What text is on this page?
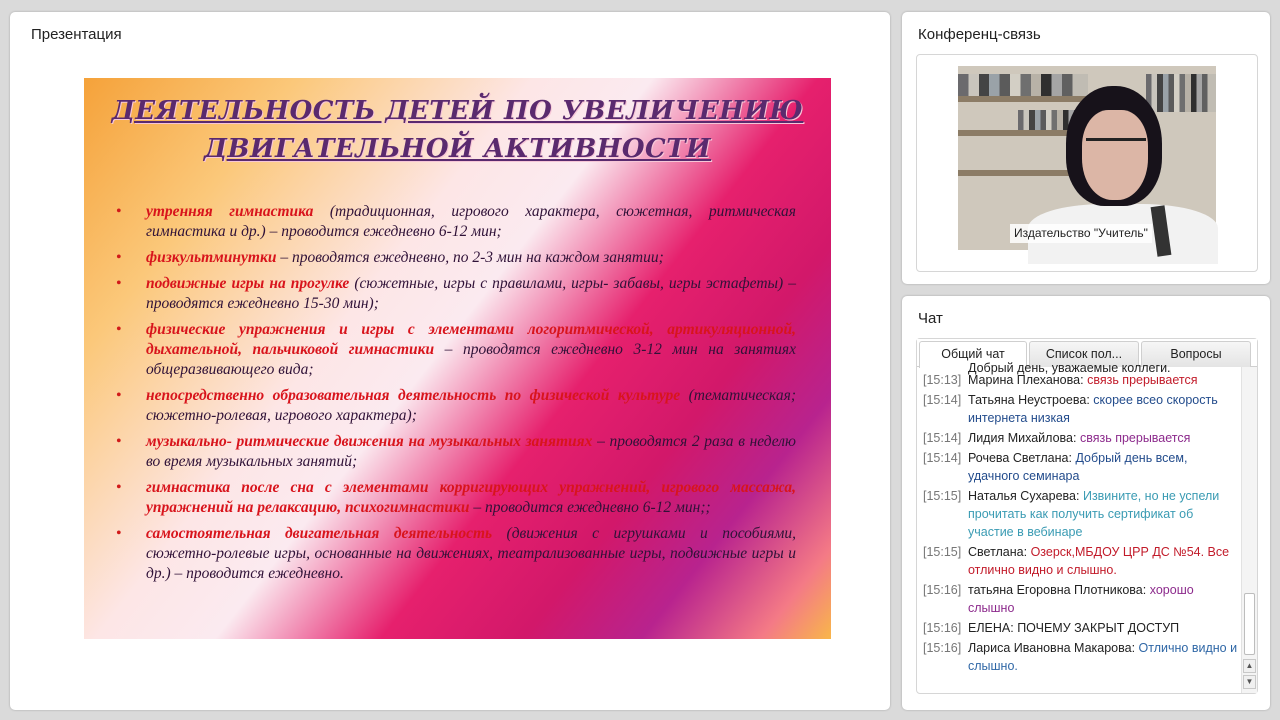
Презентация
ДЕЯТЕЛЬНОСТЬ ДЕТЕЙ ПО УВЕЛИЧЕНИЮ
ДВИГАТЕЛЬНОЙ АКТИВНОСТИ
• утренняя гимнастика (традиционная, игрового характера, сюжетная, ритмическая гимнастика и др.) – проводится ежедневно 6-12 мин;
• физкультминутки – проводятся ежедневно, по 2-3 мин на каждом занятии;
• подвижные игры на прогулке (сюжетные, игры с правилами, игры- забавы, игры эстафеты) – проводятся ежедневно 15-30 мин);
• физические упражнения и игры с элементами логоритмической, артикуляционной, дыхательной, пальчиковой гимнастики – проводятся ежедневно 3-12 мин на занятиях общеразвивающего вида;
• непосредственно образовательная деятельность по физической культуре (тематическая; сюжетно-ролевая, игрового характера);
• музыкально- ритмические движения на музыкальных занятиях – проводятся 2 раза в неделю во время музыкальных занятий;
• гимнастика после сна с элементами корригирующих упражнений, игрового массажа, упражнений на релаксацию, психогимнастики – проводится ежедневно 6-12 мин;;
• самостоятельная двигательная деятельность (движения с игрушками и пособиями, сюжетно-ролевые игры, основанные на движениях, театрализованные игры, подвижные игры и др.) – проводится ежедневно.
Конференц-связь
Издательство "Учитель"
Чат
Общий чат	Список пол...	Вопросы
Добрый день, уважаемые коллеги.
[15:13] Марина Плеханова: связь прерывается
[15:14] Татьяна Неустроева: скорее всео скорость интернета низкая
[15:14] Лидия Михайлова: связь прерывается
[15:14] Рочева Светлана: Добрый день всем, удачного семинара
[15:15] Наталья Сухарева: Извините, но не успели прочитать как получить сертификат об участие в вебинаре
[15:15] Светлана: Озерск,МБДОУ ЦРР ДС №54. Все отлично видно и слышно.
[15:16] татьяна Егоровна Плотникова: хорошо слышно
[15:16] ЕЛЕНА: ПОЧЕМУ ЗАКРЫТ ДОСТУП
[15:16] Лариса Ивановна Макарова: Отлично видно и слышно.	▲
▼
